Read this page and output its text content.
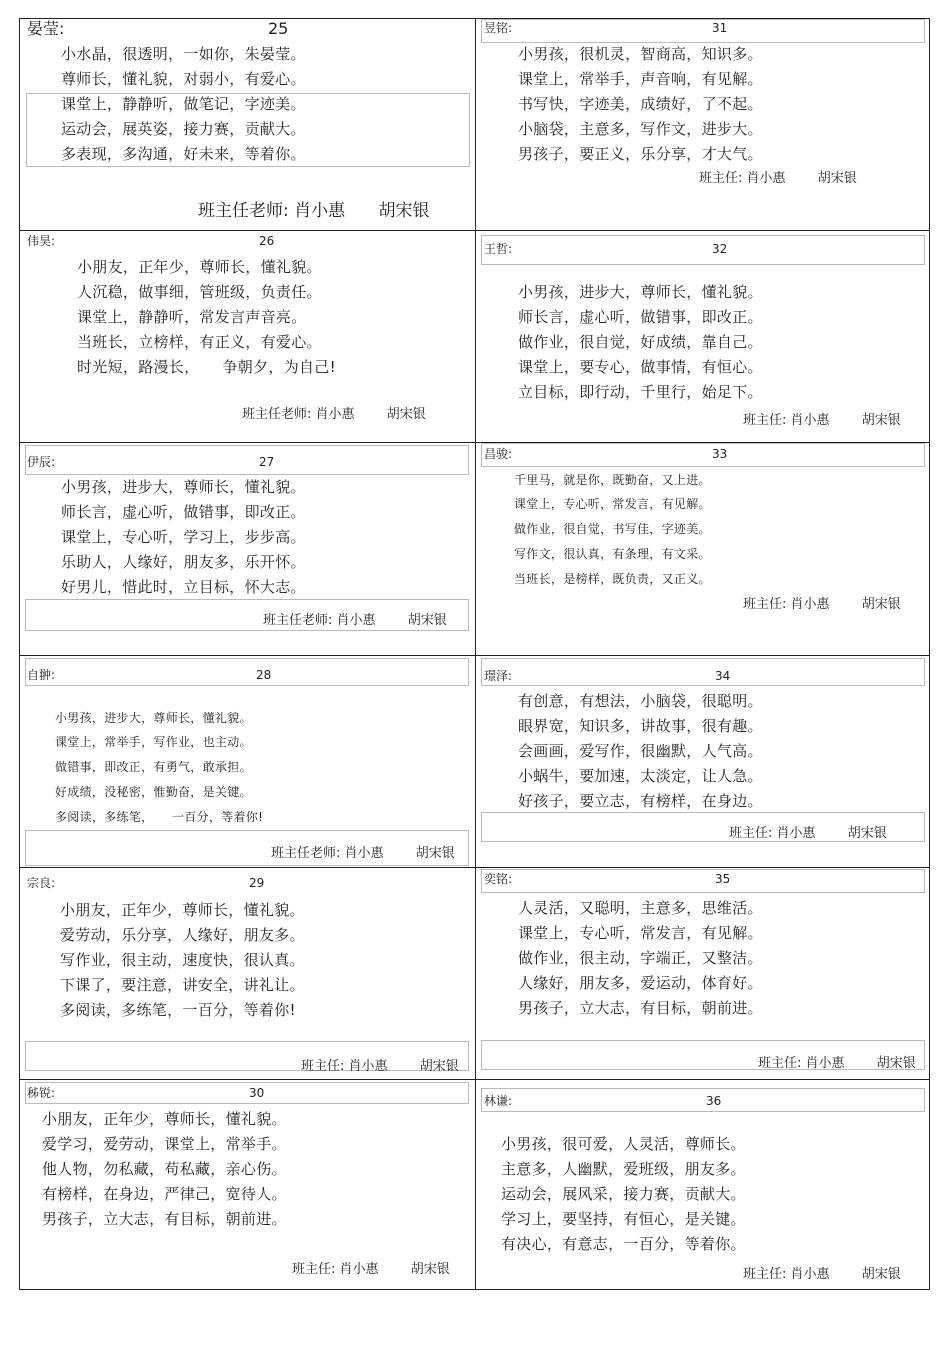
晏莹:	25
小水晶，很透明，一如你，朱晏莹。
尊师长，懂礼貌，对弱小，有爱心。
课堂上，静静听，做笔记，字迹美。
运动会，展英姿，接力赛，贡献大。
多表现，多沟通，好未来，等着你。
班主任老师: 肖小惠 胡宋银
昱铭:	31
小男孩，很机灵，智商高，知识多。
课堂上，常举手，声音响，有见解。
书写快，字迹美，成绩好，了不起。
小脑袋，主意多，写作文，进步大。
男孩子，要正义，乐分享，才大气。
班主任: 肖小惠 胡宋银
伟昊:	26
小朋友，正年少，尊师长，懂礼貌。
人沉稳，做事细，管班级，负责任。
课堂上，静静听，常发言声音亮。
当班长，立榜样，有正义，有爱心。
时光短，路漫长，　　争朝夕，为自己!
班主任老师: 肖小惠 胡宋银
王哲:	32
小男孩，进步大，尊师长，懂礼貌。
师长言，虚心听，做错事，即改正。
做作业，很自觉，好成绩，靠自己。
课堂上，要专心，做事情，有恒心。
立目标，即行动，千里行，始足下。
班主任: 肖小惠 胡宋银
伊辰:	27
小男孩，进步大，尊师长，懂礼貌。
师长言，虚心听，做错事，即改正。
课堂上，专心听，学习上，步步高。
乐助人，人缘好，朋友多，乐开怀。
好男儿，惜此时，立目标，怀大志。
班主任老师: 肖小惠 胡宋银
昌骏:	33
千里马，就是你，既勤奋，又上进。
课堂上，专心听，常发言，有见解。
做作业，很自觉，书写佳，字迹美。
写作文，很认真，有条理，有文采。
当班长，是榜样，既负责，又正义。
班主任: 肖小惠 胡宋银
自翀:	28
小男孩，进步大，尊师长，懂礼貌。
课堂上，常举手，写作业，也主动。
做错事，即改正，有勇气，敢承担。
好成绩，没秘密，惟勤奋，是关键。
多阅读，多练笔，　　一百分，等着你!
班主任老师: 肖小惠 胡宋银
璟泽:	34
有创意，有想法，小脑袋，很聪明。
眼界宽，知识多，讲故事，很有趣。
会画画，爱写作，很幽默，人气高。
小蜗牛，要加速，太淡定，让人急。
好孩子，要立志，有榜样，在身边。
班主任: 肖小惠 胡宋银
宗良:	29
小朋友，正年少，尊师长，懂礼貌。
爱劳动，乐分享，人缘好，朋友多。
写作业，很主动，速度快，很认真。
下课了，要注意，讲安全，讲礼让。
多阅读，多练笔，一百分，等着你!
班主任: 肖小惠 胡宋银
奕铭:	35
人灵活，又聪明，主意多，思维活。
课堂上，专心听，常发言，有见解。
做作业，很主动，字端正，又整洁。
人缘好，朋友多，爱运动，体育好。
男孩子，立大志，有目标，朝前进。
班主任: 肖小惠 胡宋银
秭锐:	30
小朋友，正年少，尊师长，懂礼貌。
爱学习，爱劳动，课堂上，常举手。
他人物，勿私藏，苟私藏，亲心伤。
有榜样，在身边，严律己，宽待人。
男孩子，立大志，有目标，朝前进。
班主任: 肖小惠 胡宋银
林谦:	36
小男孩，很可爱，人灵活，尊师长。
主意多，人幽默，爱班级，朋友多。
运动会，展风采，接力赛，贡献大。
学习上，要坚持，有恒心，是关键。
有决心，有意志，一百分，等着你。
班主任: 肖小惠 胡宋银
